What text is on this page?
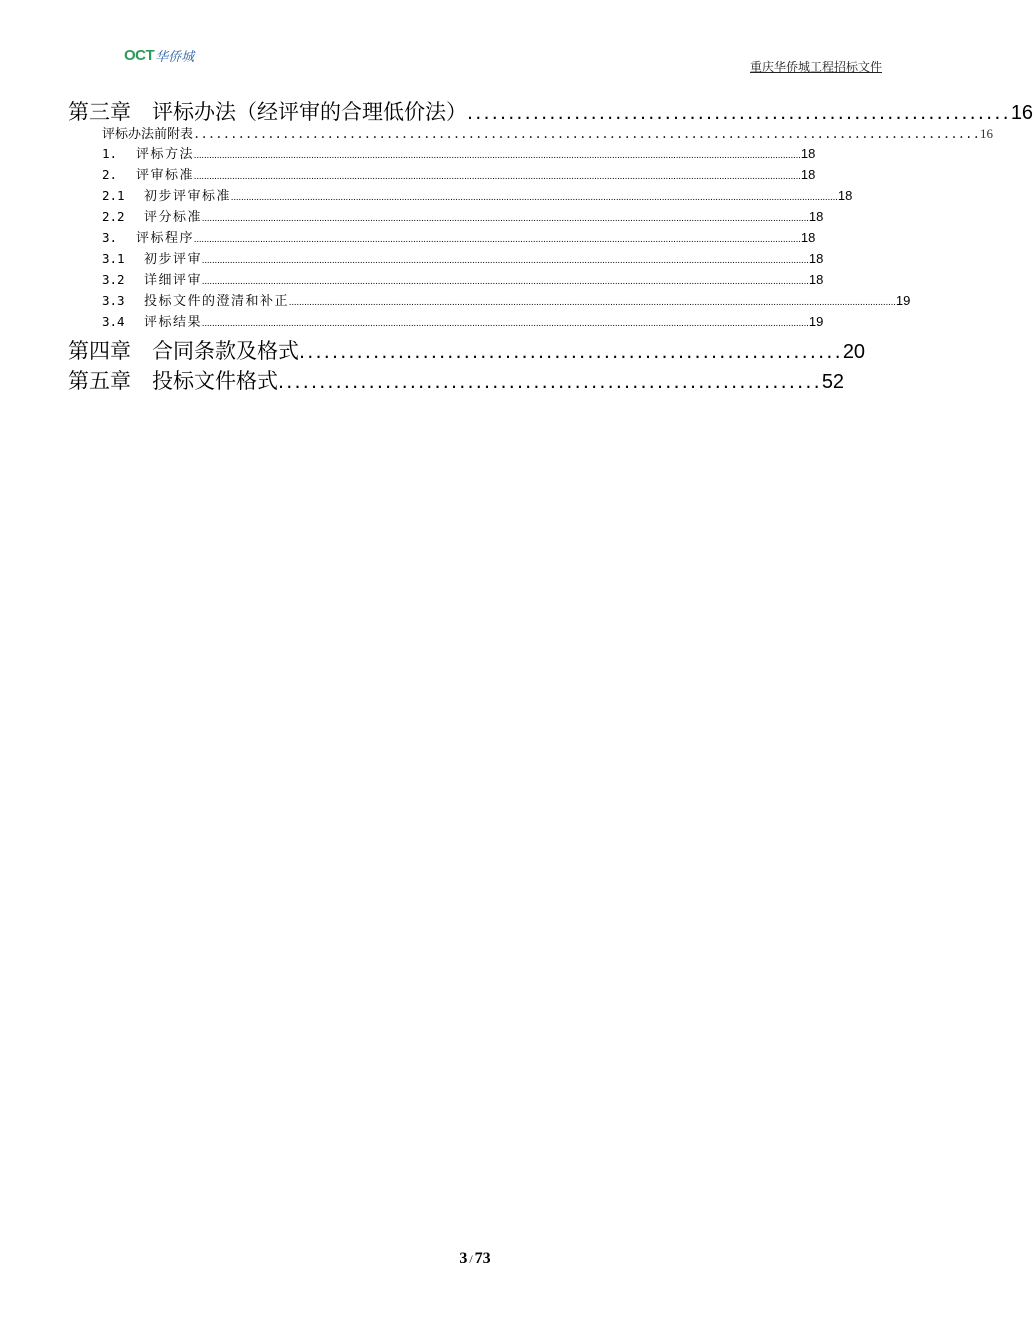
OCT 华侨城
重庆华侨城工程招标文件
第三章　评标办法（经评审的合理低价法） .................................................................. 16
评标办法前附表 .......................................................................................................... 16
1. 评标方法 .............................................................................................................................................................................................................................................. 18
2. 评审标准 .............................................................................................................................................................................................................................................. 18
2.1 初步评审标准 .............................................................................................................................................................................................................................................. 18
2.2 评分标准 .............................................................................................................................................................................................................................................. 18
3. 评标程序 .............................................................................................................................................................................................................................................. 18
3.1 初步评审 .............................................................................................................................................................................................................................................. 18
3.2 详细评审 .............................................................................................................................................................................................................................................. 18
3.3 投标文件的澄清和补正 .............................................................................................................................................................................................................................................. 19
3.4 评标结果 .............................................................................................................................................................................................................................................. 19
第四章　合同条款及格式 .................................................................. 20
第五章　投标文件格式 .................................................................. 52
3 / 73
